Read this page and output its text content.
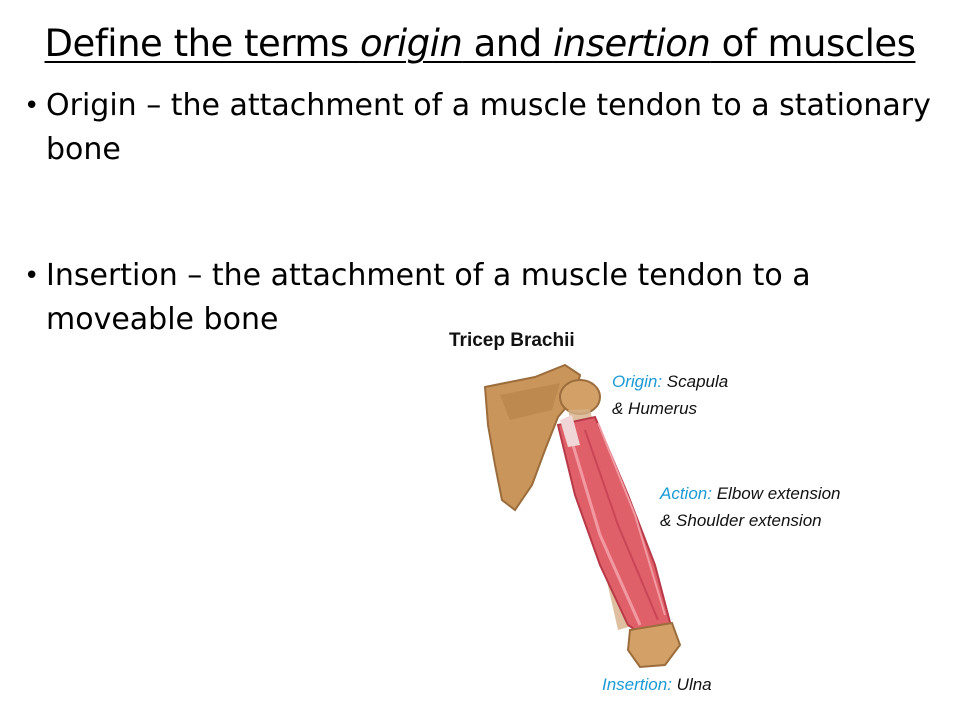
Define the terms origin and insertion of muscles
• Origin – the attachment of a muscle tendon to a stationary bone
• Insertion – the attachment of a muscle tendon to a moveable bone
Tricep Brachii
Origin: Scapula
& Humerus
Action: Elbow extension
& Shoulder extension
Insertion: Ulna
